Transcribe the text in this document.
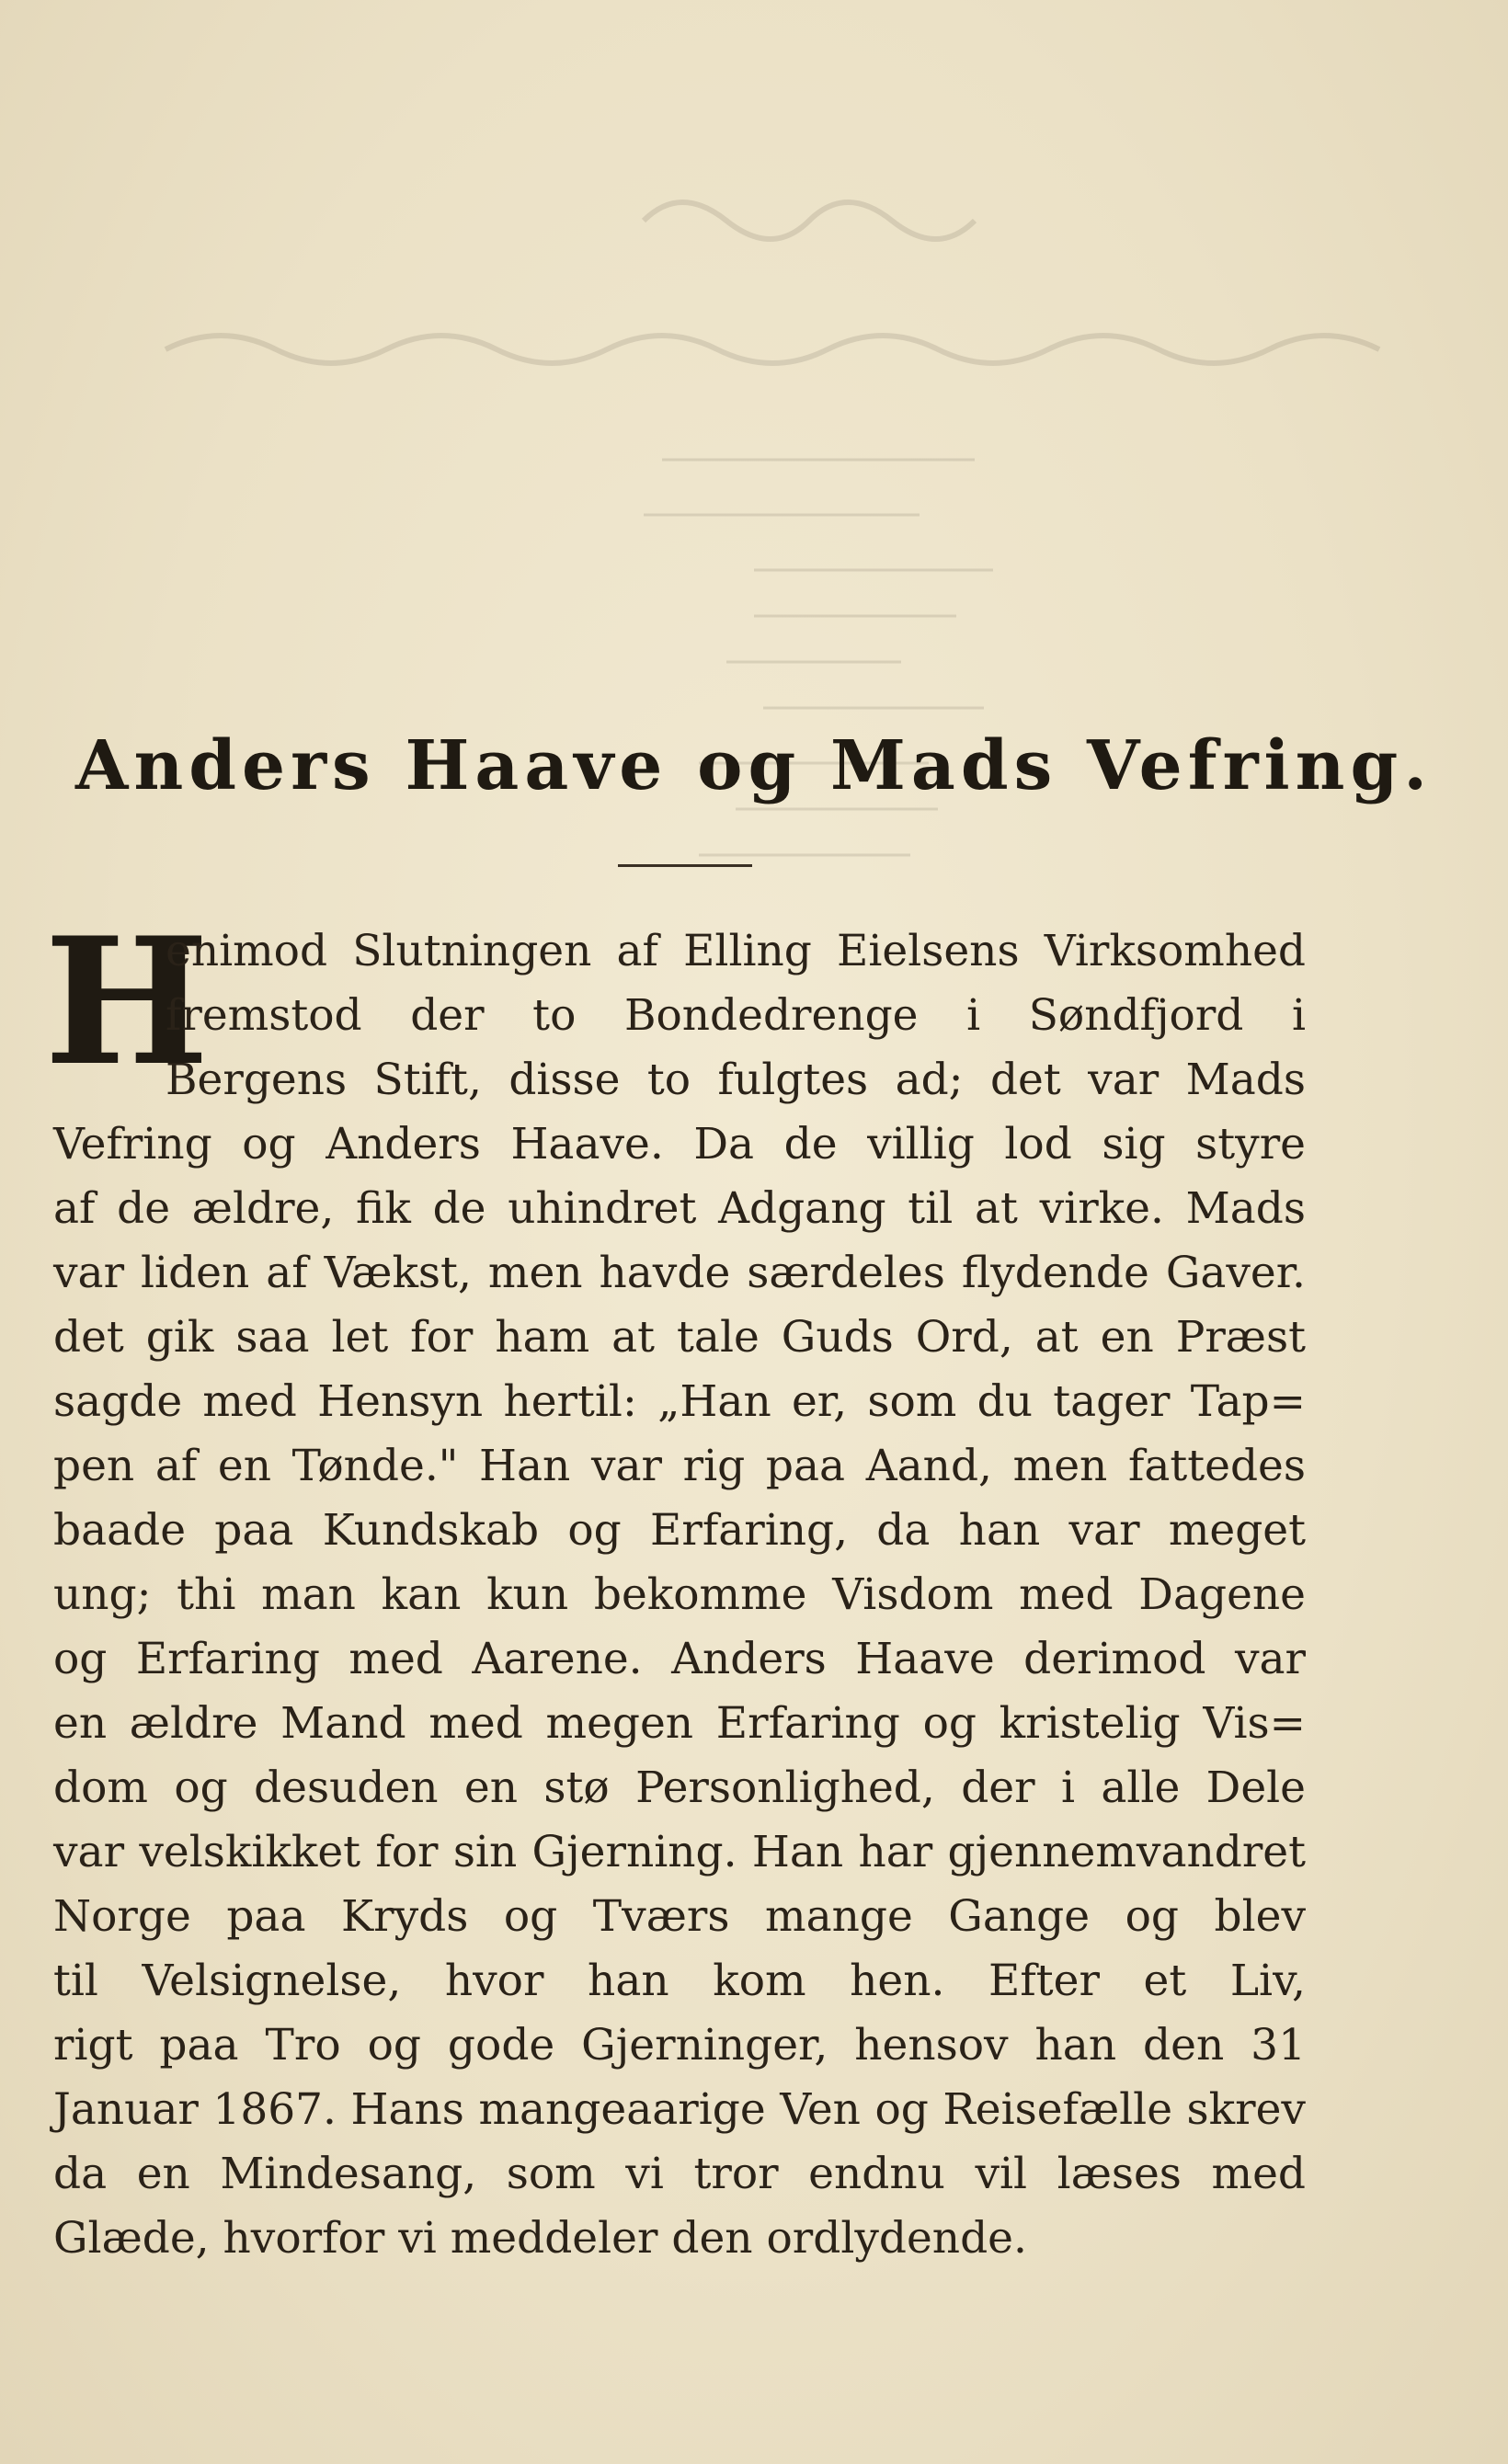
Anders Haave og Mads Vefring.
H
enimod Slutningen af Elling Eielsens Virksomhed
fremstod der to Bondedrenge i Søndfjord i
Bergens Stift, disse to fulgtes ad; det var Mads
Vefring og Anders Haave. Da de villig lod sig styre
af de ældre, fik de uhindret Adgang til at virke. Mads
var liden af Vækst, men havde særdeles flydende Gaver.
det gik saa let for ham at tale Guds Ord, at en Præst
sagde med Hensyn hertil: „Han er, som du tager Tap=
pen af en Tønde." Han var rig paa Aand, men fattedes
baade paa Kundskab og Erfaring, da han var meget
ung; thi man kan kun bekomme Visdom med Dagene
og Erfaring med Aarene. Anders Haave derimod var
en ældre Mand med megen Erfaring og kristelig Vis=
dom og desuden en stø Personlighed, der i alle Dele
var velskikket for sin Gjerning. Han har gjennemvandret
Norge paa Kryds og Tværs mange Gange og blev
til Velsignelse, hvor han kom hen. Efter et Liv,
rigt paa Tro og gode Gjerninger, hensov han den 31
Januar 1867. Hans mangeaarige Ven og Reisefælle skrev
da en Mindesang, som vi tror endnu vil læses med
Glæde, hvorfor vi meddeler den ordlydende.
